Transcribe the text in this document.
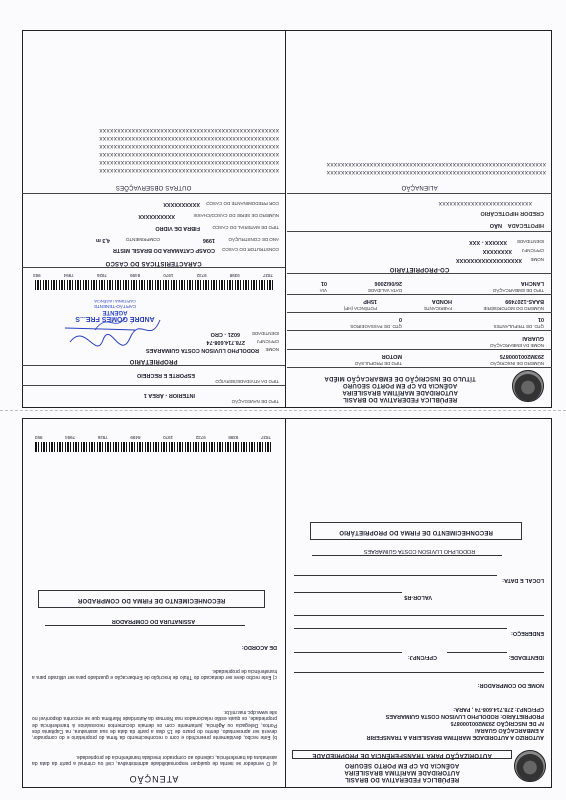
REPÚBLICA FEDERATIVA DO BRASIL
AUTORIDADE MARÍTIMA BRASILEIRA
AGÊNCIA DA CP EM PORTO SEGURO
TÍTULO DE INSCRIÇÃO DE EMBARCAÇÃO MIÉDA
NÚMERO DE INSCRIÇÃO
293M2001000875
TIPO DE PROPULSÃO
MOTOR
NOME DA EMBARCAÇÃO
GUARAI
QTD. DE TRIPULANTES
01
QTD. DE PASSAGEIROS
0
NÚMERO DO MOTOR/SÉRIE
BAAS-1207499
FABRICANTE
HONDA
POTÊNCIA (HP)
15HP
TIPO DE EMBARCAÇÃO
LANCHA
DATA VALIDADE
26/06/2006
VIA
01
CO-PROPRIETÁRIO
NOME
XXXXXXXXXXXXXXXXXX
CPF/CNPJ
XXXXXXXX
IDENTIDADE
XXXXXX - XXX
HIPOTECADA
NÃO
CREDOR HIPOTECÁRIO
XXXXXXXXXXXXXXXXXXXXXXXXXX
ALIENAÇÃO
XXXXXXXXXXXXXXXXXXXXXXXXXXXXXXXXXXXXXXXXXXXXXXXXXXXXXXXXXXXXX
XXXXXXXXXXXXXXXXXXXXXXXXXXXXXXXXXXXXXXXXXXXXXXXXXXXXXXXXXXXXX
TIPO DE NAVEGAÇÃO
INTERIOR - ÁREA 1
TIPO DA ATIVIDADE/SERVIÇO
ESPORTE E RECREIO
PROPRIETÁRIO
NOME
RODOLPHO LUVISON COSTA GUIMARAES
CPF/CNPJ
278.714.608-74
IDENTIDADE
6021 - CRO
ANDRÉ GOMES FRE...S
AGENTE
CAPITÃO-TENENTE
CAPITANIA / AGÊNCIA
7837
9398
9732
1970
8499
7926
7994
993
CARACTERÍSTICAS DO CASCO
CONSTRUTOR DO CASCO
COASP CATAMARA DO BRASIL MISTR
ANO DE CONSTRUÇÃO
1996
COMPRIMENTO
4,3 m
TIPO DE MATERIAL DO CASCO
FIBRA DE VIDRO
NÚMERO DE SÉRIE DO CASCO/CHASSI
XXXXXXXXXX
COR PREDOMINANTE DO CASCO
XXXXXXXXXX
OUTRAS OBSERVAÇÕES
XXXXXXXXXXXXXXXXXXXXXXXXXXXXXXXXXXXXXXXXXXXXXXXXXX
XXXXXXXXXXXXXXXXXXXXXXXXXXXXXXXXXXXXXXXXXXXXXXXXXX
XXXXXXXXXXXXXXXXXXXXXXXXXXXXXXXXXXXXXXXXXXXXXXXXXX
XXXXXXXXXXXXXXXXXXXXXXXXXXXXXXXXXXXXXXXXXXXXXXXXXX
XXXXXXXXXXXXXXXXXXXXXXXXXXXXXXXXXXXXXXXXXXXXXXXXXX
XXXXXXXXXXXXXXXXXXXXXXXXXXXXXXXXXXXXXXXXXXXXXXXXXX
REPÚBLICA FEDERATIVA DO BRASIL
AUTORIDADE MARÍTIMA BRASILEIRA
AGÊNCIA DA CP EM PORTO SEGURO
AUTORIZAÇÃO PARA TRANSFERÊNCIA DE PROPRIEDADE
AUTORIZO A AUTORIDADE MARÍTIMA BRASILEIRA A TRANSFERIR
A EMBARCAÇÃO GUARAI
Nº DE INSCRIÇÃO 293M2001000875
PROPRIETÁRIO: RODOLPHO LUVISON COSTA GUIMARAES
CPF/CNPJ: 278.714.608-74 , PARA:
NOME DO COMPRADOR:
IDENTIDADE:
CPF/CNPJ:
ENDEREÇO:
VALOR-R$
LOCAL E DATA:
RODOLPHO LUVISON COSTA GUIMARAES
RECONHECIMENTO DE FIRMA DO PROPRIETÁRIO
ATENÇÃO
a) O vendedor se isenta de qualquer responsabilidade administrativa, civil ou criminal a partir da data da assinatura da transferência, cabendo ao comprador imediata transferência de propriedade.
b) Este recibo, devidamente preenchido e com o reconhecimento da firma do proprietário e do comprador, deverá ser apresentado, dentro do prazo de 15 dias a partir da data de sua assinatura, na Capitania dos Portos, Delegacia ou Agência, juntamente com os demais documentos necessários à transferência de propriedade, os quais estão relacionados nas Normas da Autoridade Marítima que se encontra disponível no site www.dpc.mar.mil.br.
c) Este recibo deve ser destacado do Título de Inscrição de Embarcação e guardado para ser utilizado para a transferência de propriedade.
DE ACORDO:
ASSINATURA DO COMPRADOR
RECONHECIMENTO DE FIRMA DO COMPRADOR
7837
9398
9732
1970
8499
7926
7994
993
